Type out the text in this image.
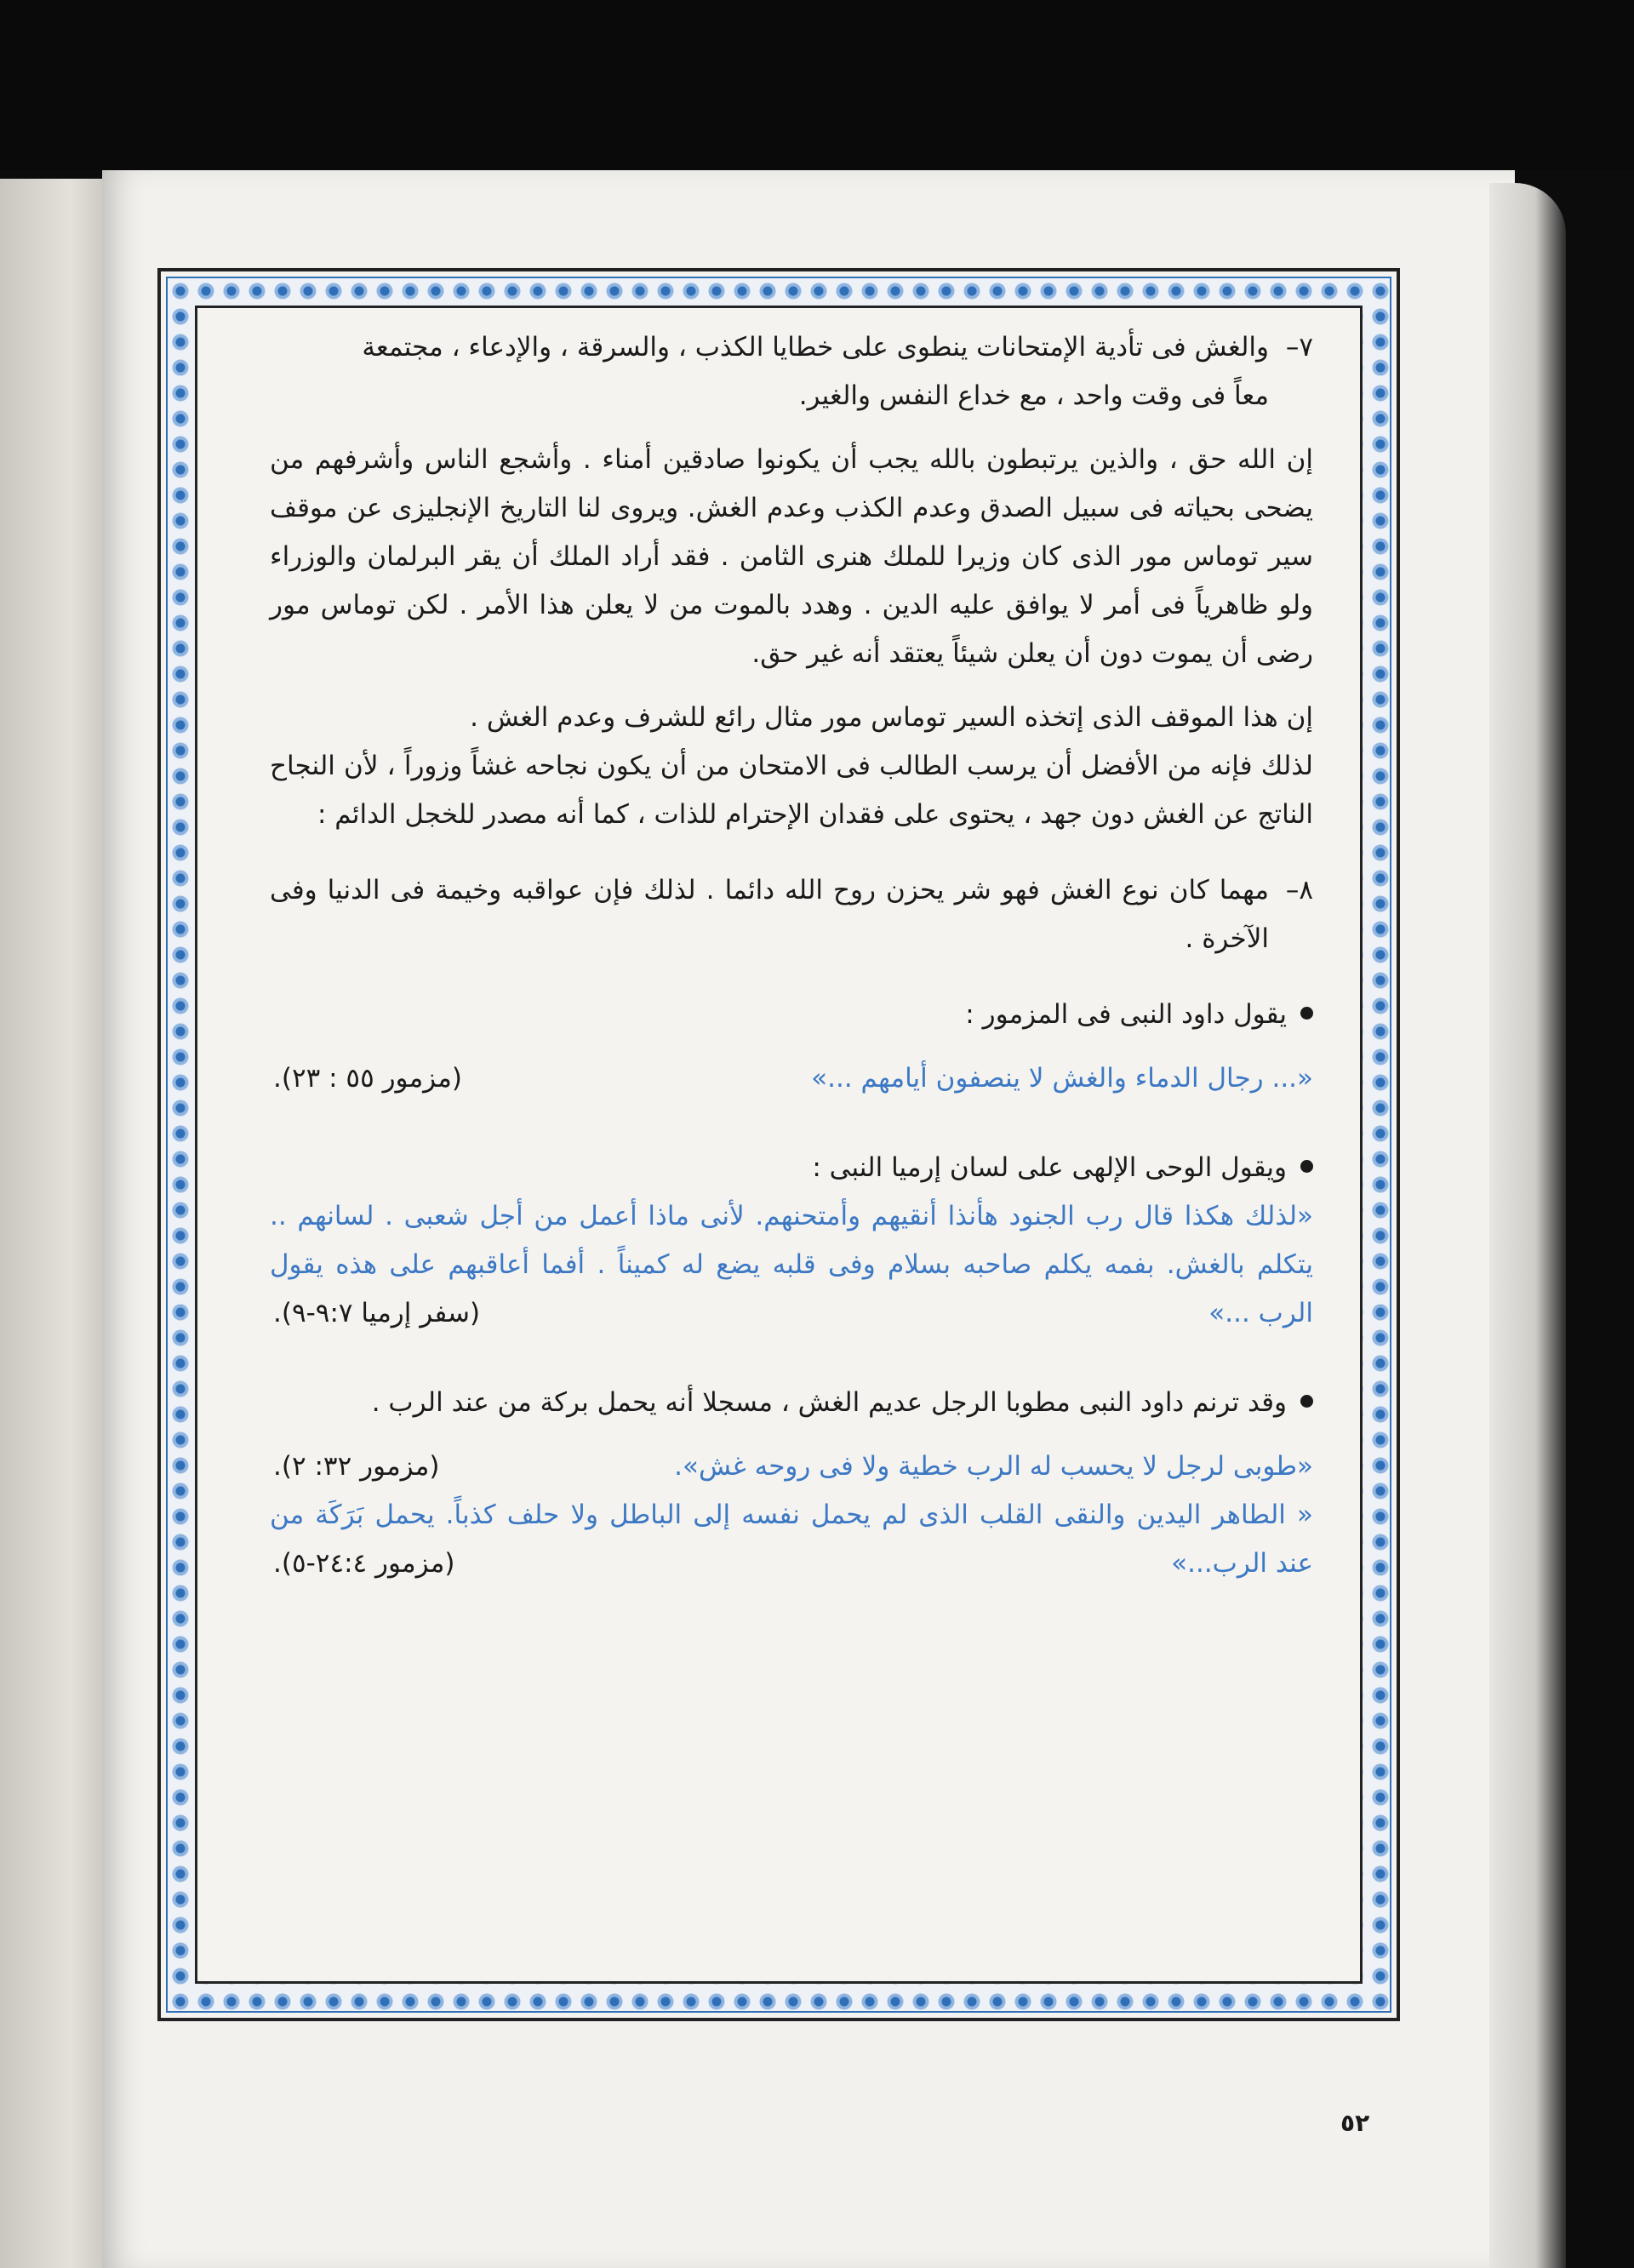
٧–

والغش فى تأدية الإمتحانات ينطوى على خطايا الكذب ، والسرقة ، والإدعاء ، مجتمعة

معاً فى وقت واحد ، مع خداع النفس والغير.

إن الله حق ، والذين يرتبطون بالله يجب أن يكونوا صادقين أمناء . وأشجع الناس وأشرفهم من يضحى بحياته فى سبيل الصدق وعدم الكذب وعدم الغش. ويروى لنا التاريخ الإنجليزى عن موقف سير توماس مور الذى كان وزيرا للملك هنرى الثامن . فقد أراد الملك أن يقر البرلمان والوزراء ولو ظاهرياً فى أمر لا يوافق عليه الدين . وهدد بالموت من لا يعلن هذا الأمر . لكن توماس مور رضى أن يموت دون أن يعلن شيئاً يعتقد أنه غير حق.

إن هذا الموقف الذى إتخذه السير توماس مور مثال رائع للشرف وعدم الغش .

لذلك فإنه من الأفضل أن يرسب الطالب فى الامتحان من أن يكون نجاحه غشاً وزوراً ، لأن النجاح الناتج عن الغش دون جهد ، يحتوى على فقدان الإحترام للذات ، كما أنه مصدر للخجل الدائم :

٨–

مهما كان نوع الغش فهو شر يحزن روح الله دائما . لذلك فإن عواقبه وخيمة فى الدنيا وفى الآخرة .

يقول داود النبى فى المزمور :

(مزمور ٥٥ : ٢٣).	«... رجال الدماء والغش لا ينصفون أيامهم ...»

ويقول الوحى الإلهى على لسان إرميا النبى :

«لذلك هكذا قال رب الجنود هأنذا أنقيهم وأمتحنهم. لأنى ماذا أعمل من أجل شعبى . لسانهم .. يتكلم بالغش. بفمه يكلم صاحبه بسلام وفى قلبه يضع له كميناً . أفما أعاقبهم على هذه يقول الرب ...»
(سفر إرميا ٩:٧-٩).

وقد ترنم داود النبى مطوبا الرجل عديم الغش ، مسجلا أنه يحمل بركة من عند الرب .

(مزمور ٣٢: ٢).	«طوبى لرجل لا يحسب له الرب خطية ولا فى روحه غش».
« الطاهر اليدين والنقى القلب الذى لم يحمل نفسه إلى الباطل ولا حلف كذباً. يحمل بَرَكَة من عند الرب...»
(مزمور ٢٤:٤-٥).
٥٢
